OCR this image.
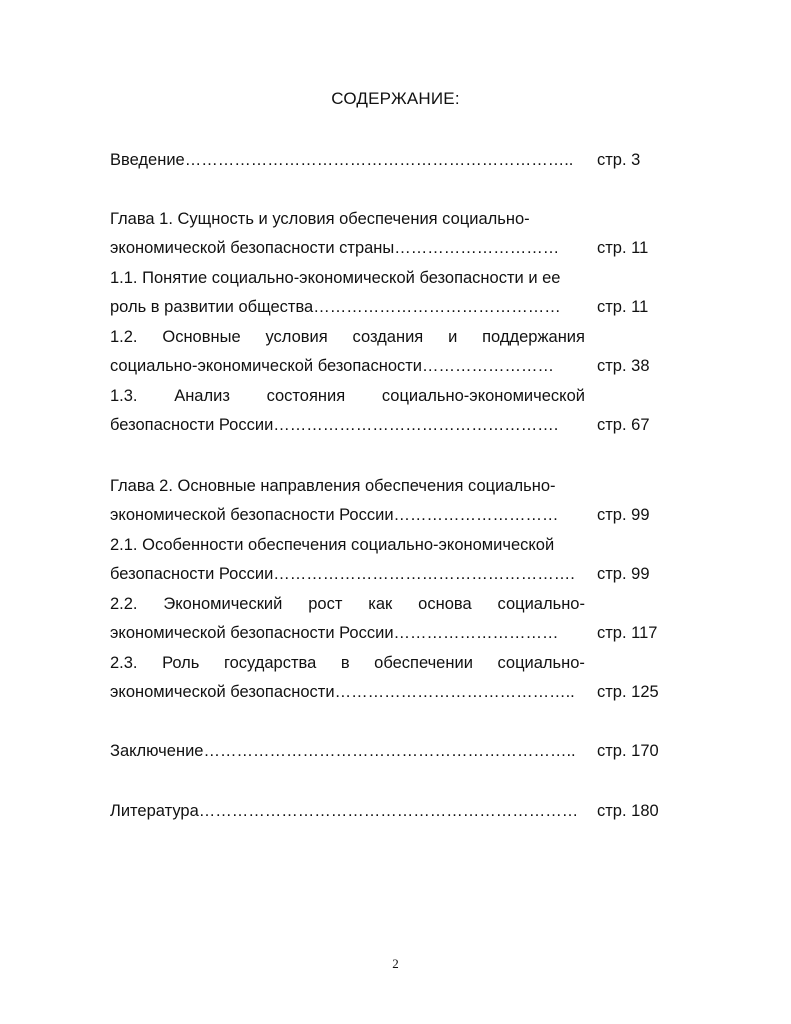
СОДЕРЖАНИЕ:
Введение…………………………………………………………….. стр. 3
Глава 1. Сущность и условия обеспечения социально-
экономической безопасности страны………………………… стр. 11
1.1. Понятие социально-экономической безопасности и ее
роль в развитии общества……………………………………… стр. 11
1.2. Основные условия создания и поддержания
социально-экономической безопасности……………………	стр. 38
1.3. Анализ состояния социально-экономической
безопасности России……………………………………………. стр. 67
Глава 2. Основные направления обеспечения социально-
экономической безопасности России………………………… стр. 99
2.1. Особенности обеспечения социально-экономической
безопасности России………………………………………………. стр. 99
2.2. Экономический рост как основа социально-
экономической безопасности России………………………… стр. 117
2.3. Роль государства в обеспечении социально-
экономической безопасности…………………………………….. стр. 125
Заключение………………………………………………………….. стр. 170
Литература…………………………………………………………… стр. 180
2
